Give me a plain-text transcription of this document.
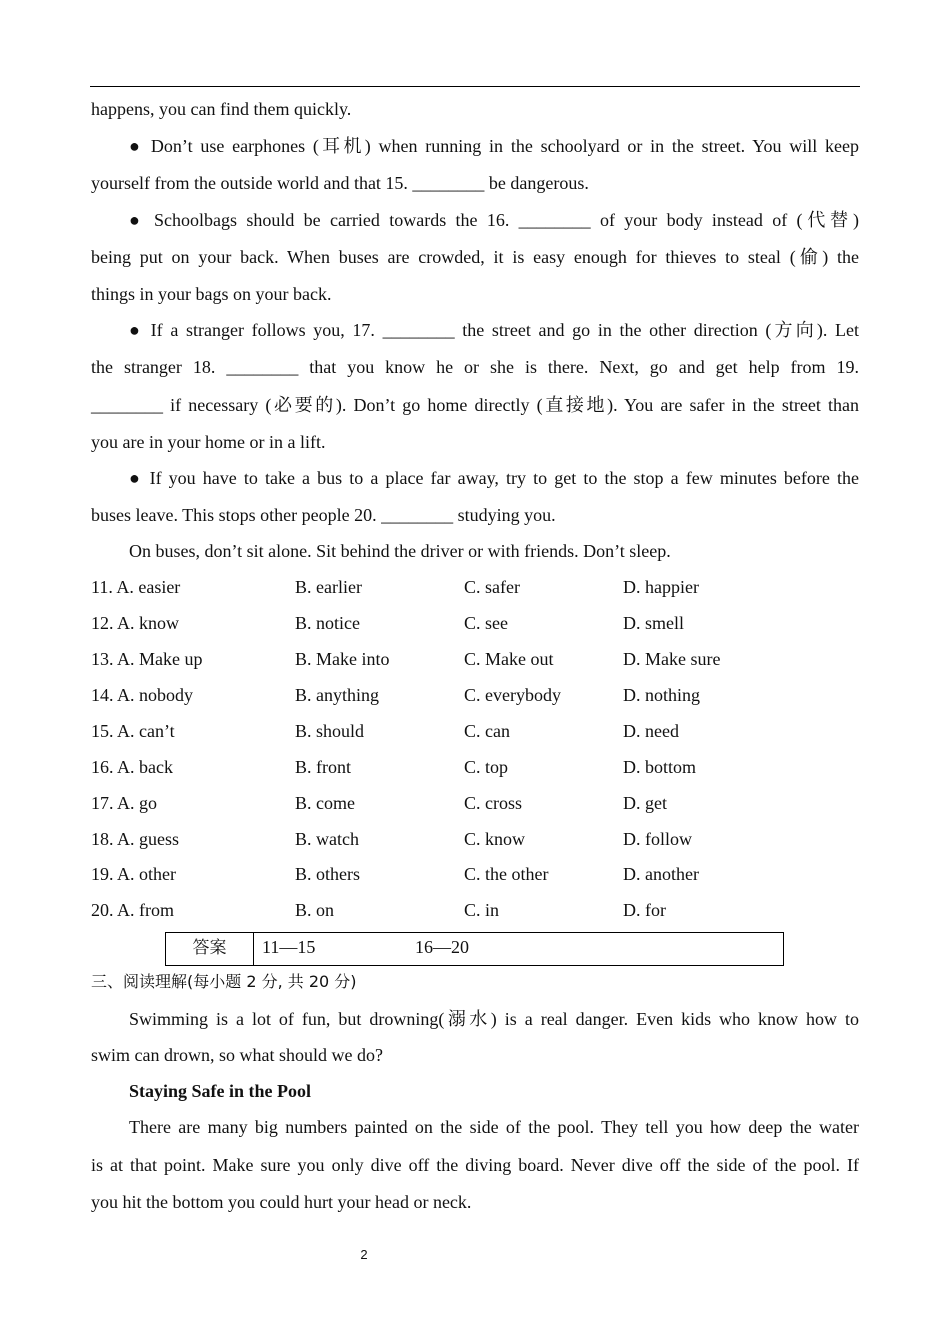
happens, you can find them quickly.
● Don’t use earphones (耳机) when running in the schoolyard or in the street. You will keep
yourself from the outside world and that 15. ________ be dangerous.
● Schoolbags should be carried towards the 16. ________ of your body instead of (代替)
being put on your back. When buses are crowded, it is easy enough for thieves to steal (偷) the
things in your bags on your back.
● If a stranger follows you, 17. ________ the street and go in the other direction (方向). Let
the stranger 18. ________ that you know he or she is there. Next, go and get help from 19.
________ if necessary (必要的). Don’t go home directly (直接地). You are safer in the street than
you are in your home or in a lift.
● If you have to take a bus to a place far away, try to get to the stop a few minutes before the
buses leave. This stops other people 20. ________ studying you.
On buses, don’t sit alone. Sit behind the driver or with friends. Don’t sleep.
11. A. easier	B. earlier	C. safer	D. happier
12. A. know	B. notice	C. see	D. smell
13. A. Make up	B. Make into	C. Make out	D. Make sure
14. A. nobody	B. anything	C. everybody	D. nothing
15. A. can’t	B. should	C. can	D. need
16. A. back	B. front	C. top	D. bottom
17. A. go	B. come	C. cross	D. get
18. A. guess	B. watch	C. know	D. follow
19. A. other	B. others	C. the other	D. another
20. A. from	B. on	C. in	D. for
答案	11—15	16—20
三、阅读理解(每小题 2 分, 共 20 分)
Swimming is a lot of fun, but drowning(溺水) is a real danger. Even kids who know how to
swim can drown, so what should we do?
Staying Safe in the Pool
There are many big numbers painted on the side of the pool. They tell you how deep the water
is at that point. Make sure you only dive off the diving board. Never dive off the side of the pool. If
you hit the bottom you could hurt your head or neck.
2
